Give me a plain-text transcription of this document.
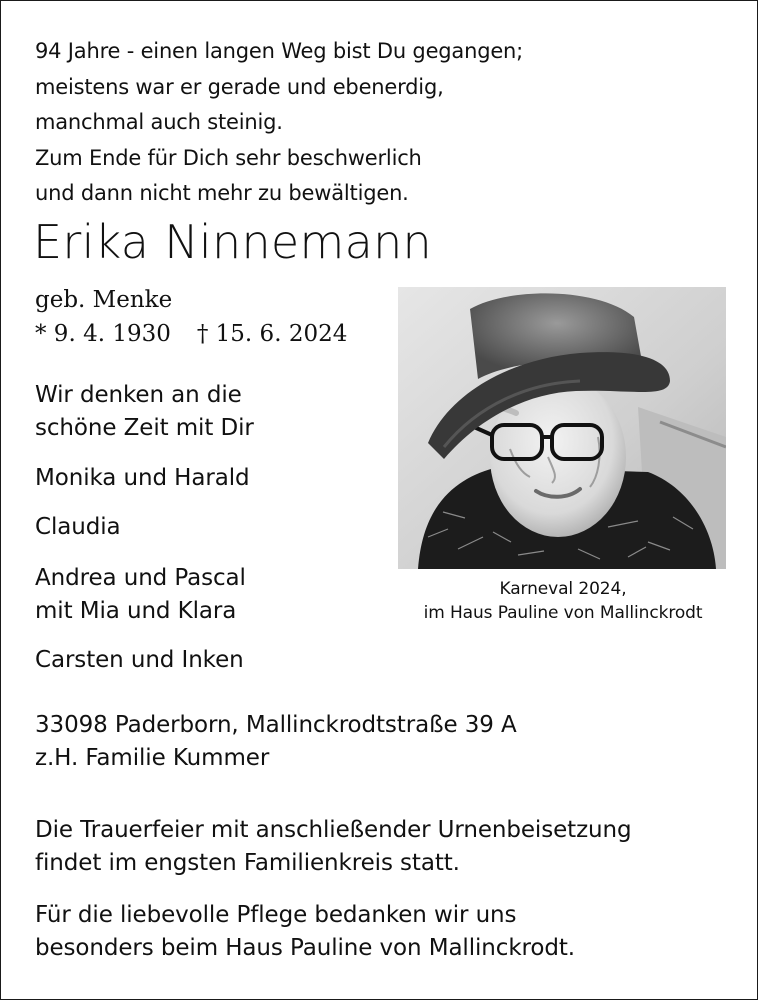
94 Jahre - einen langen Weg bist Du gegangen;
meistens war er gerade und ebenerdig,
manchmal auch steinig.
Zum Ende für Dich sehr beschwerlich
und dann nicht mehr zu bewältigen.
Erika Ninnemann
geb. Menke
* 9. 4. 1930 † 15. 6. 2024
Wir denken an die
schöne Zeit mit Dir
Monika und Harald
Claudia
Andrea und Pascal
mit Mia und Klara
Carsten und Inken
33098 Paderborn, Mallinckrodtstraße 39 A
z.H. Familie Kummer
Die Trauerfeier mit anschließender Urnenbeisetzung
findet im engsten Familienkreis statt.
Für die liebevolle Pflege bedanken wir uns
besonders beim Haus Pauline von Mallinckrodt.
Karneval 2024,
im Haus Pauline von Mallinckrodt
